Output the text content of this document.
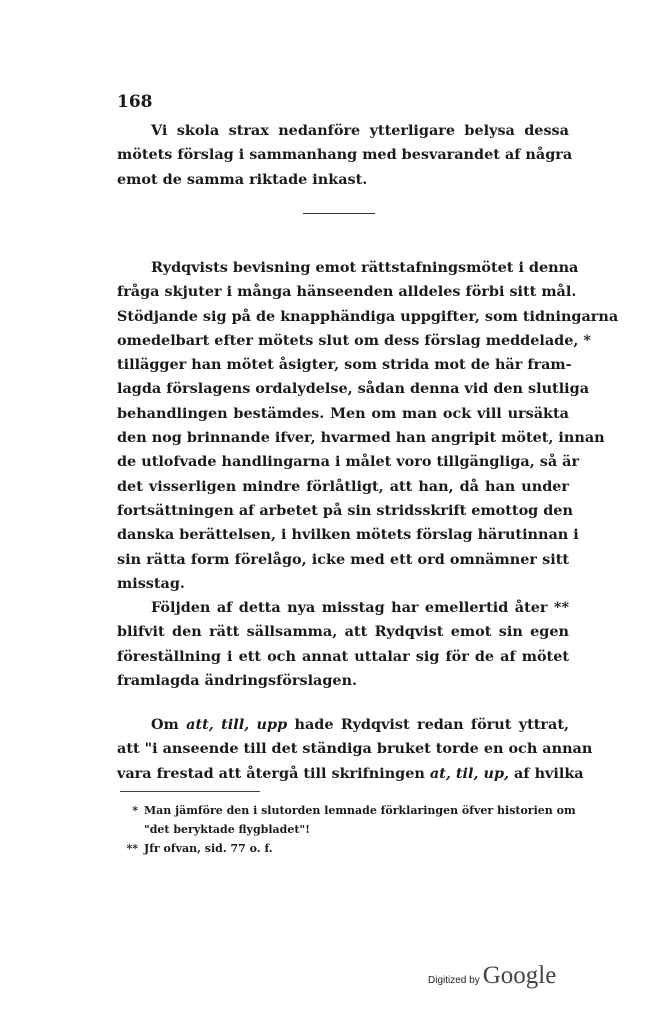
168
Vi skola strax nedanföre ytterligare belysa dessa
mötets förslag i sammanhang med besvarandet af några
emot de samma riktade inkast.
Rydqvists bevisning emot rättstafningsmötet i denna
fråga skjuter i många hänseenden alldeles förbi sitt mål.
Stödjande sig på de knapphändiga uppgifter, som tidningarna
omedelbart efter mötets slut om dess förslag meddelade, *
tillägger han mötet åsigter, som strida mot de här fram-
lagda förslagens ordalydelse, sådan denna vid den slutliga
behandlingen bestämdes. Men om man ock vill ursäkta
den nog brinnande ifver, hvarmed han angripit mötet, innan
de utlofvade handlingarna i målet voro tillgängliga, så är
det visserligen mindre förlåtligt, att han, då han under
fortsättningen af arbetet på sin stridsskrift emottog den
danska berättelsen, i hvilken mötets förslag härutinnan i
sin rätta form förelågo, icke med ett ord omnämner sitt
misstag.
Följden af detta nya misstag har emellertid åter **
blifvit den rätt sällsamma, att Rydqvist emot sin egen
föreställning i ett och annat uttalar sig för de af mötet
framlagda ändringsförslagen.
Om att, till, upp hade Rydqvist redan förut yttrat,
att "i anseende till det ständiga bruket torde en och annan
vara frestad att återgå till skrifningen at, til, up, af hvilka
* Man jämföre den i slutorden lemnade förklaringen öfver historien om
"det beryktade flygbladet"!
** Jfr ofvan, sid. 77 o. f.
Digitized by Google
